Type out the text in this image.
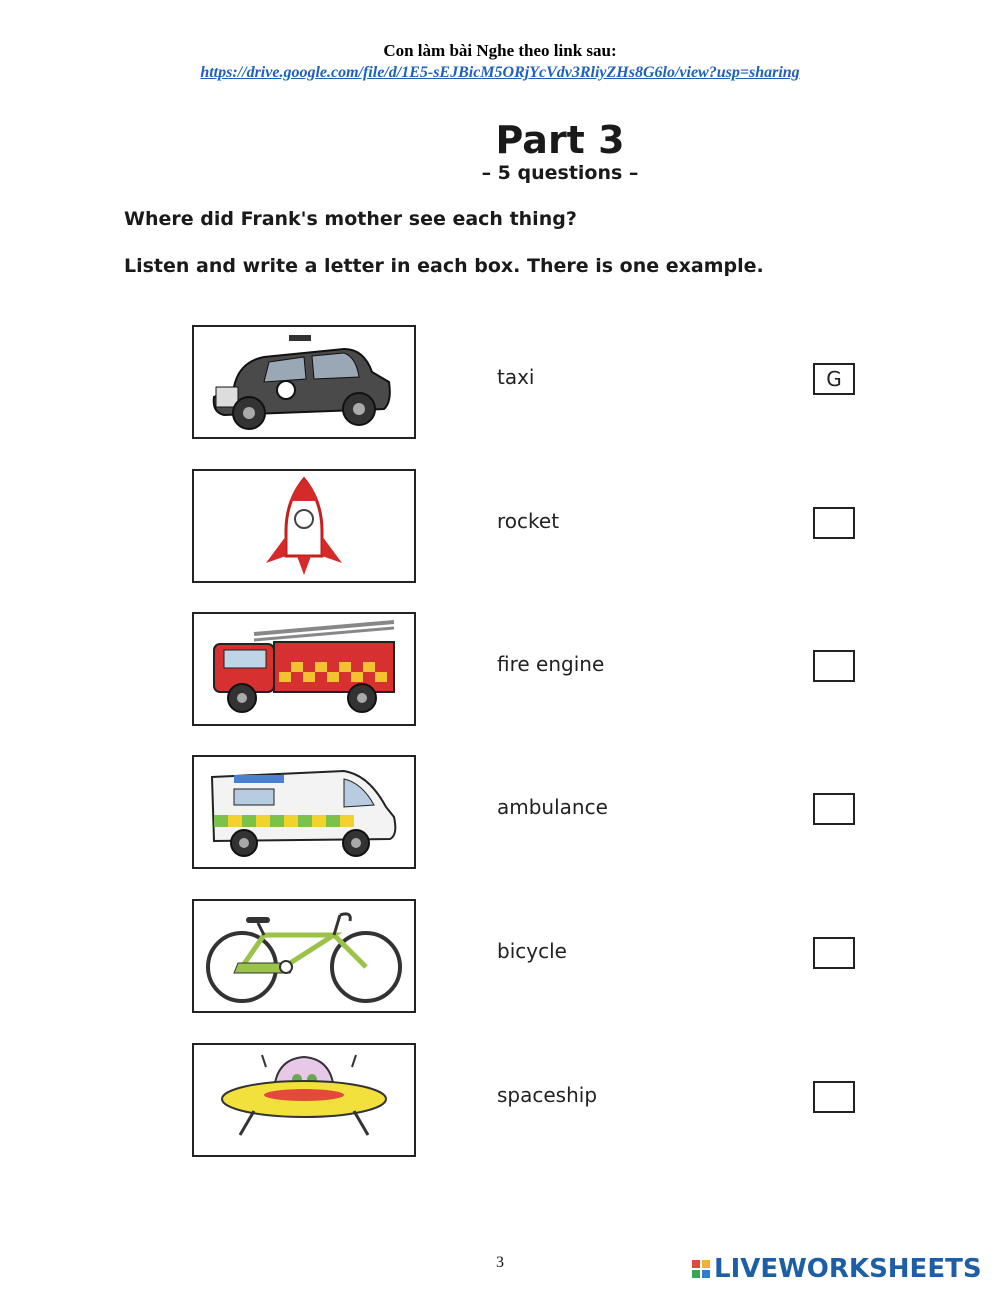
Con làm bài Nghe theo link sau:
https://drive.google.com/file/d/1E5-sEJBicM5ORjYcVdv3RliyZHs8G6lo/view?usp=sharing
Part 3
– 5 questions –
Where did Frank's mother see each thing?
Listen and write a letter in each box. There is one example.
taxi	G
rocket
fire engine
ambulance
bicycle
spaceship
3	LIVEWORKSHEETS
